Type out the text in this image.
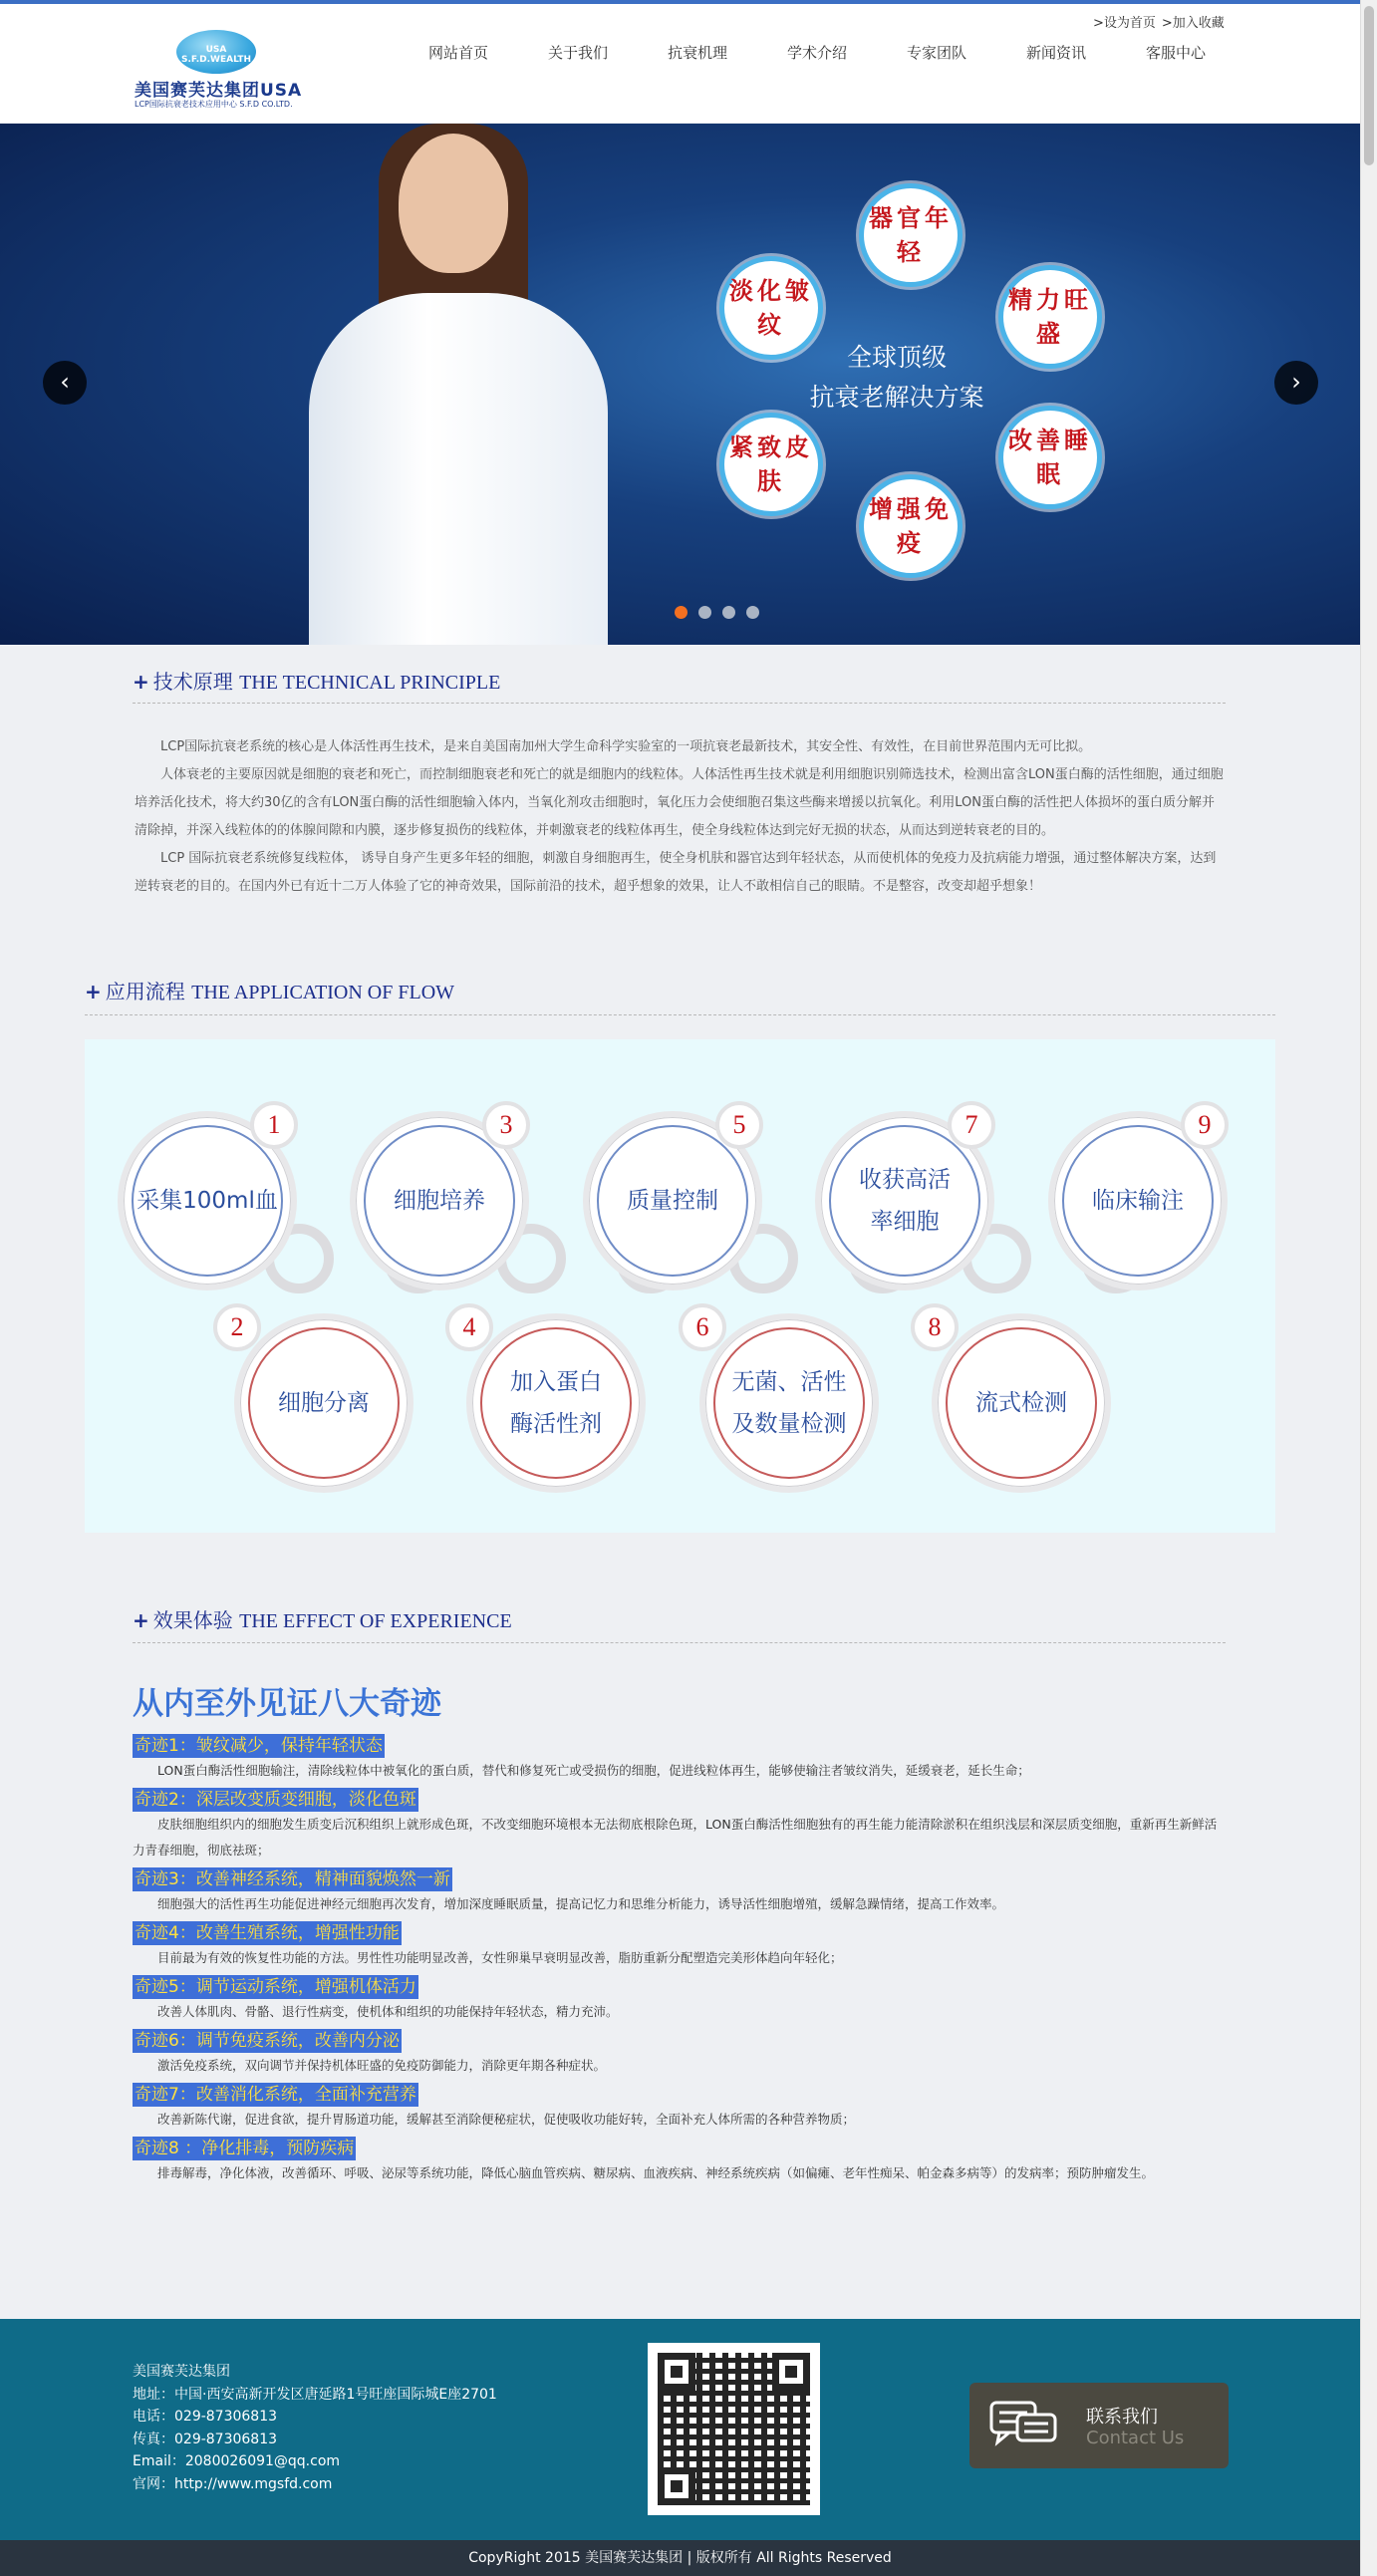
USA S.F.D.WEALTH
美国赛芙达集团USA
LCP国际抗衰老技术应用中心 S.F.D CO.LTD.
>设为首页 >加入收藏
网站首页	关于我们	抗衰机理	学术介绍	专家团队	新闻资讯	客服中心
器官年轻
淡化皱纹
精力旺盛
紧致皮肤
改善睡眠
增强免疫
全球顶级
抗衰老解决方案
‹	›
+ 技术原理 THE TECHNICAL PRINCIPLE

LCP国际抗衰老系统的核心是人体活性再生技术，是来自美国南加州大学生命科学实验室的一项抗衰老最新技术，其安全性、有效性，在目前世界范围内无可比拟。

人体衰老的主要原因就是细胞的衰老和死亡，而控制细胞衰老和死亡的就是细胞内的线粒体。人体活性再生技术就是利用细胞识别筛选技术，检测出富含LON蛋白酶的活性细胞，通过细胞培养活化技术，将大约30亿的含有LON蛋白酶的活性细胞输入体内，当氧化剂攻击细胞时，氧化压力会使细胞召集这些酶来增援以抗氧化。利用LON蛋白酶的活性把人体损坏的蛋白质分解并清除掉，并深入线粒体的的体腺间隙和内膜，逐步修复损伤的线粒体，并刺激衰老的线粒体再生，使全身线粒体达到完好无损的状态，从而达到逆转衰老的目的。

LCP 国际抗衰老系统修复线粒体， 诱导自身产生更多年轻的细胞，刺激自身细胞再生，使全身机肤和器官达到年轻状态，从而使机体的免疫力及抗病能力增强，通过整体解决方案，达到逆转衰老的目的。在国内外已有近十二万人体验了它的神奇效果，国际前沿的技术，超乎想象的效果，让人不敢相信自己的眼睛。不是整容，改变却超乎想象！

+ 应用流程 THE APPLICATION OF FLOW
采集100ml血
1
细胞培养
3
质量控制
5
收获高活率细胞
7
临床输注
9
细胞分离
2
加入蛋白酶活性剂
4
无菌、活性及数量检测
6
流式检测
8
+ 效果体验 THE EFFECT OF EXPERIENCE
从内至外见证八大奇迹
奇迹1：皱纹减少，保持年轻状态
LON蛋白酶活性细胞输注，清除线粒体中被氧化的蛋白质，替代和修复死亡或受损伤的细胞，促进线粒体再生，能够使输注者皱纹消失，延缓衰老，延长生命；
奇迹2：深层改变质变细胞，淡化色斑
皮肤细胞组织内的细胞发生质变后沉积组织上就形成色斑，不改变细胞环境根本无法彻底根除色斑，LON蛋白酶活性细胞独有的再生能力能清除淤积在组织浅层和深层质变细胞，重新再生新鲜活力青春细胞，彻底祛斑；
奇迹3：改善神经系统，精神面貌焕然一新
细胞强大的活性再生功能促进神经元细胞再次发育，增加深度睡眠质量，提高记忆力和思维分析能力，诱导活性细胞增殖，缓解急躁情绪，提高工作效率。
奇迹4：改善生殖系统，增强性功能
目前最为有效的恢复性功能的方法。男性性功能明显改善，女性卵巢早衰明显改善，脂肪重新分配塑造完美形体趋向年轻化；
奇迹5：调节运动系统，增强机体活力
改善人体肌肉、骨骼、退行性病变，使机体和组织的功能保持年轻状态，精力充沛。
奇迹6：调节免疫系统，改善内分泌
激活免疫系统，双向调节并保持机体旺盛的免疫防御能力，消除更年期各种症状。
奇迹7：改善消化系统，全面补充营养
改善新陈代谢，促进食欲，提升胃肠道功能，缓解甚至消除便秘症状，促使吸收功能好转，全面补充人体所需的各种营养物质；
奇迹8 ：净化排毒，预防疾病
排毒解毒，净化体液，改善循环、呼吸、泌尿等系统功能，降低心脑血管疾病、糖尿病、血液疾病、神经系统疾病（如偏瘫、老年性痴呆、帕金森多病等）的发病率；预防肿瘤发生。
美国赛芙达集团
地址：中国·西安高新开发区唐延路1号旺座国际城E座2701
电话：029-87306813
传真：029-87306813
Email：2080026091@qq.com
官网：http://www.mgsfd.com
联系我们
Contact Us
CopyRight 2015 美国赛芙达集团 | 版权所有 All Rights Reserved
